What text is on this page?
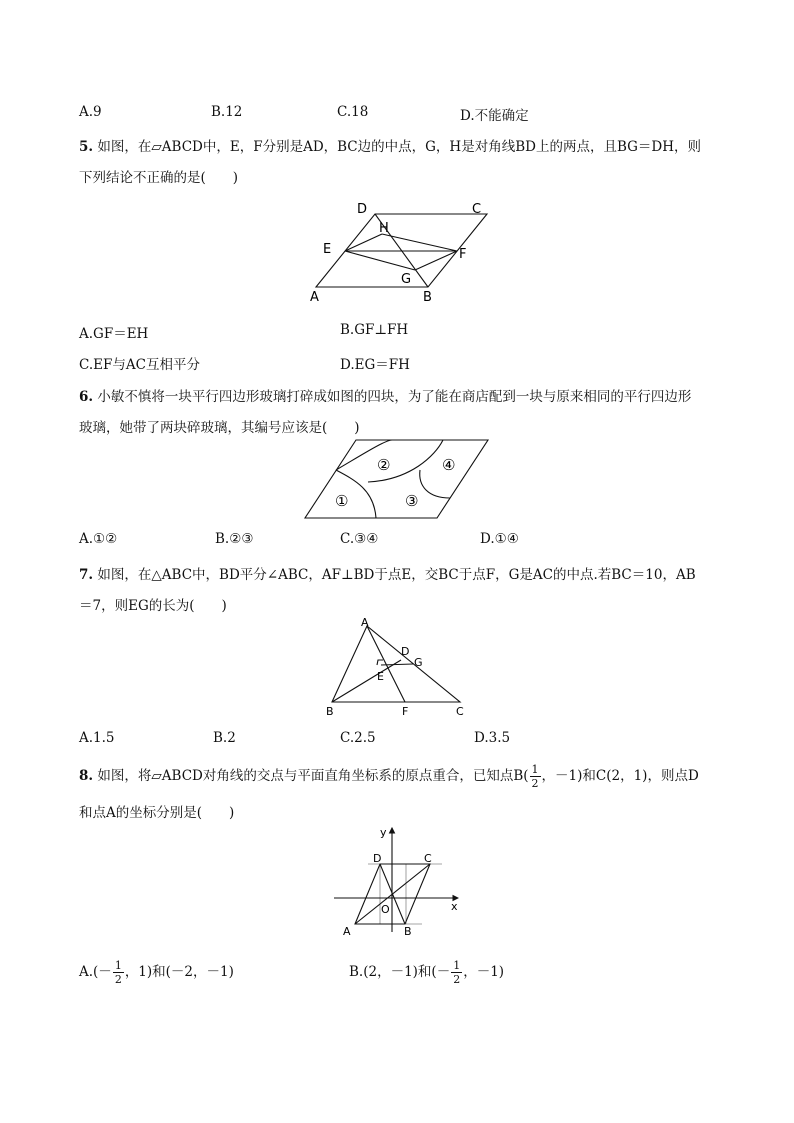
A.9	B.12	C.18	D.不能确定
5. 如图，在▱ABCD中，E，F分别是AD，BC边的中点，G，H是对角线BD上的两点，且BG＝DH，则
下列结论不正确的是(　　)
D	C
H
E	F
G
A	B
A.GF＝EH	B.GF⊥FH
C.EF与AC互相平分	D.EG＝FH
6. 小敏不慎将一块平行四边形玻璃打碎成如图的四块，为了能在商店配到一块与原来相同的平行四边形
玻璃，她带了两块碎玻璃，其编号应该是(　　)
②	④
①	③
A.①②	B.②③	C.③④	D.①④
7. 如图，在△ABC中，BD平分∠ABC，AF⊥BD于点E，交BC于点F，G是AC的中点.若BC＝10，AB
＝7，则EG的长为(　　)
A
D
G
E
B	F	C
A.1.5	B.2	C.2.5	D.3.5
8. 如图，将▱ABCD对角线的交点与平面直角坐标系的原点重合，已知点$B( \frac{1}{2}$ ，－1)和C(2，1)，则点D
和点A的坐标分别是(　　)
y
x
D	C
O
A	B
$A.(- \frac{1}{2}$ ，1)和(－2，－1)	B.(2，－1)和(－ $\frac{1}{2}$ ，－1)
